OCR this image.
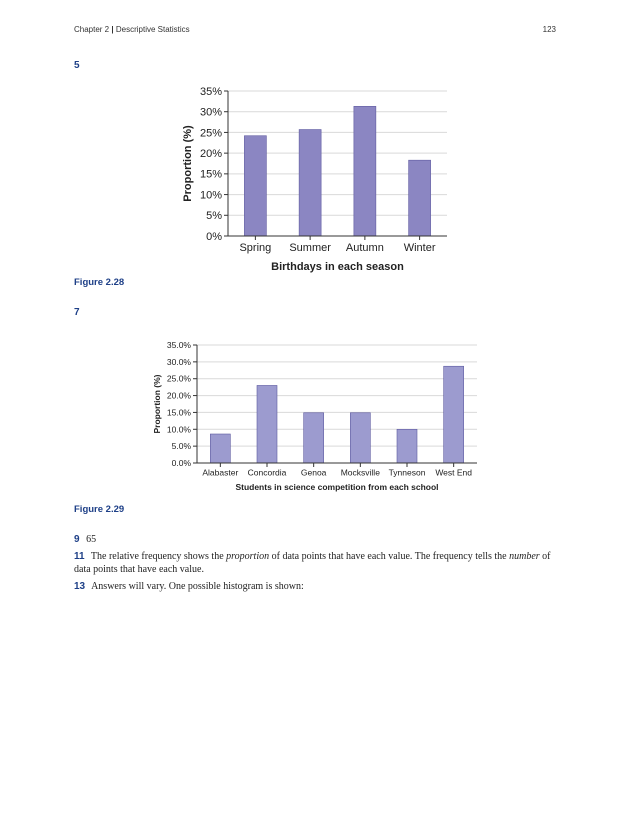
Chapter 2 | Descriptive Statistics	123
5
0%
5%
10%
15%
20%
25%
30%
35%
Spring Summer Autumn Winter
Birthdays in each season
Proportion (%)
Figure 2.28
7
0.0%
5.0%
10.0%
15.0%
20.0%
25.0%
30.0%
35.0%
Alabaster Concordia Genoa Mocksville Tynneson West End
Students in science competition from each school
Proportion (%)
Figure 2.29
9 65
11 The relative frequency shows the proportion of data points that have each value. The frequency tells the number of data points that have each value.
13 Answers will vary. One possible histogram is shown:
